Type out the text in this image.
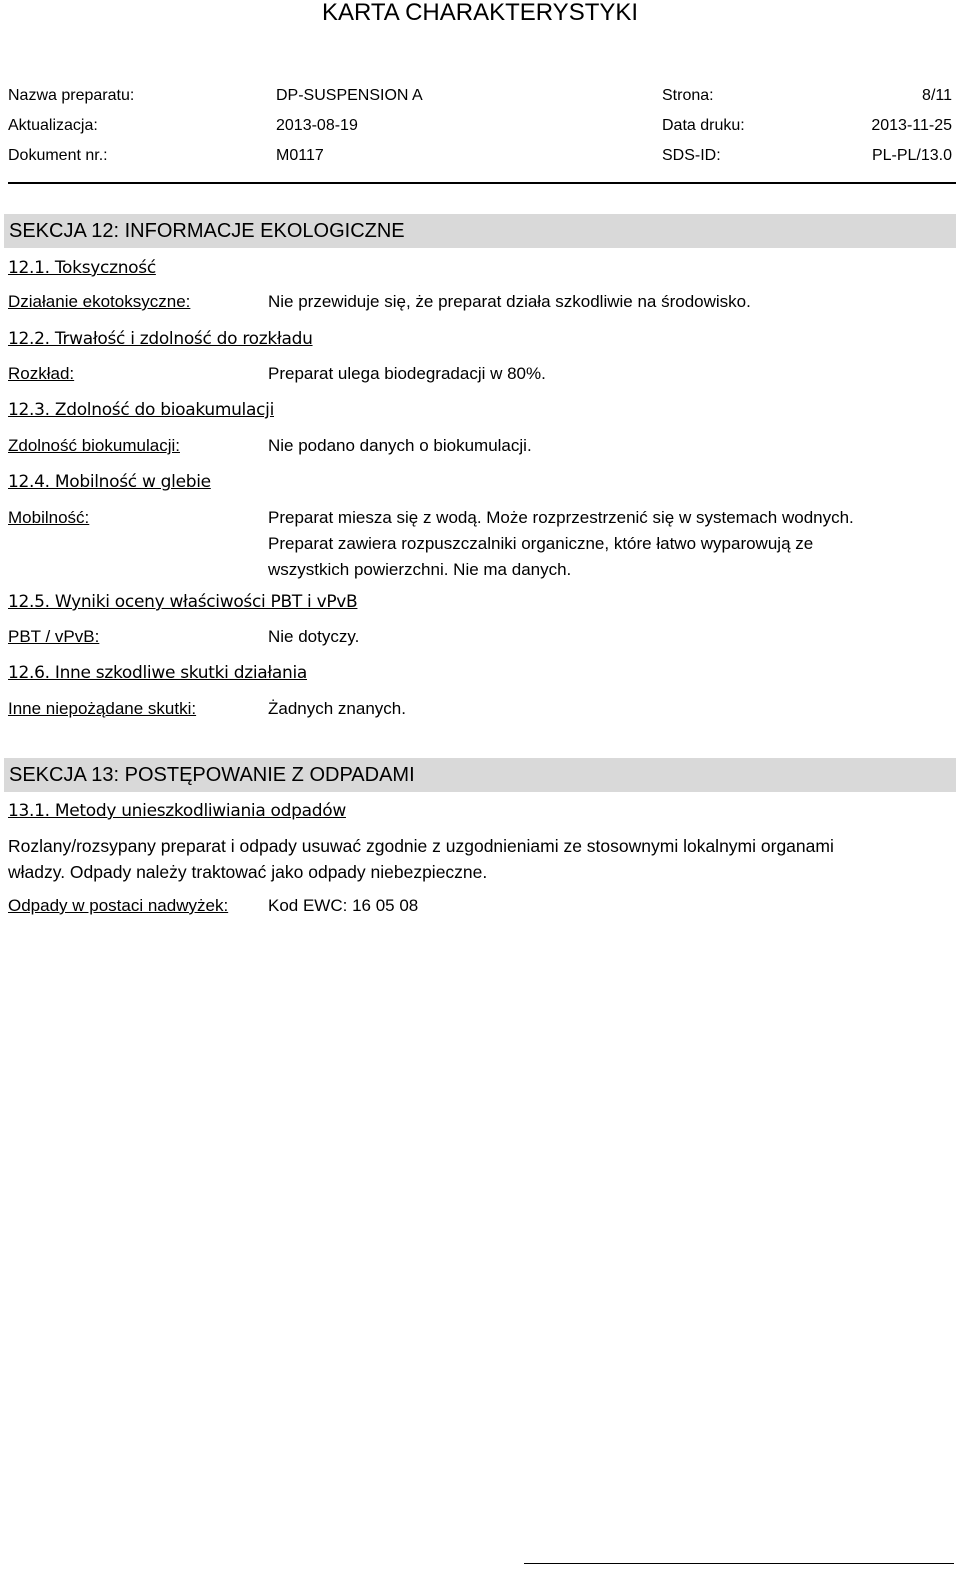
KARTA CHARAKTERYSTYKI
Nazwa preparatu:	DP-SUSPENSION A	Strona:	8/11
Aktualizacja:	2013-08-19	Data druku:	2013-11-25
Dokument nr.:	M0117	SDS-ID:	PL-PL/13.0
SEKCJA 12: INFORMACJE EKOLOGICZNE
12.1. Toksyczność
Działanie ekotoksyczne:	Nie przewiduje się, że preparat działa szkodliwie na środowisko.
12.2. Trwałość i zdolność do rozkładu
Rozkład:	Preparat ulega biodegradacji w 80%.
12.3. Zdolność do bioakumulacji
Zdolność biokumulacji:	Nie podano danych o biokumulacji.
12.4. Mobilność w glebie
Mobilność:	Preparat miesza się z wodą. Może rozprzestrzenić się w systemach wodnych.
Preparat zawiera rozpuszczalniki organiczne, które łatwo wyparowują ze
wszystkich powierzchni. Nie ma danych.
12.5. Wyniki oceny właściwości PBT i vPvB
PBT / vPvB:	Nie dotyczy.
12.6. Inne szkodliwe skutki działania
Inne niepożądane skutki:	Żadnych znanych.
SEKCJA 13: POSTĘPOWANIE Z ODPADAMI
13.1. Metody unieszkodliwiania odpadów
Rozlany/rozsypany preparat i odpady usuwać zgodnie z uzgodnieniami ze stosownymi lokalnymi organami
władzy. Odpady należy traktować jako odpady niebezpieczne.
Odpady w postaci nadwyżek: Kod EWC: 16 05 08
